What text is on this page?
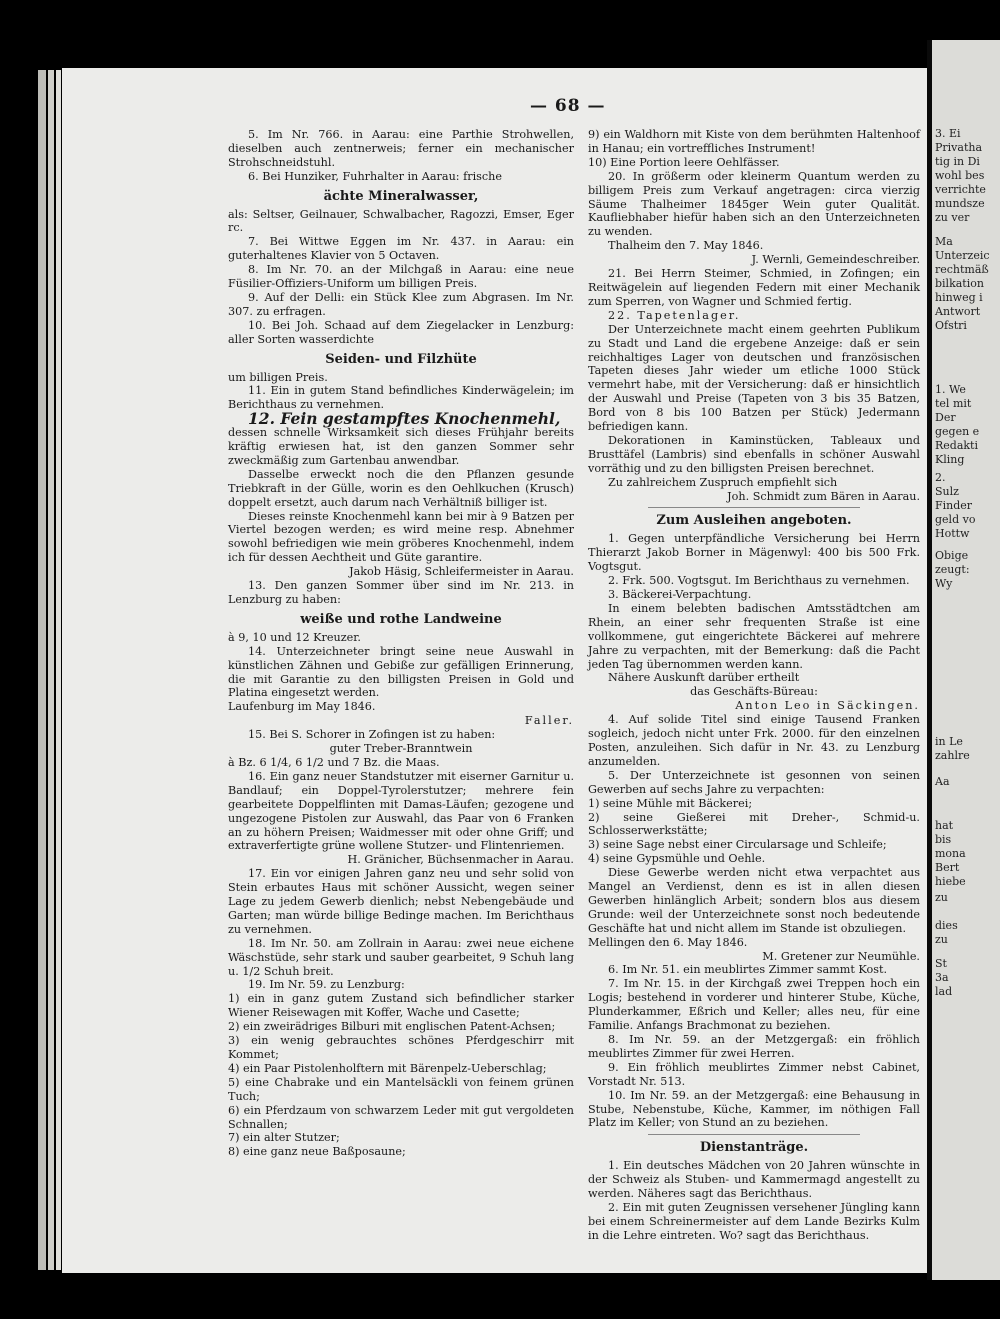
3. Ei
Privatha
tig in Di
wohl bes
verrichte
mundsze
zu ver
Ma
Unterzeic
rechtmäß
bilkation
hinweg i
Antwort
Ofstri
1. We
tel mit
Der
gegen e
Redakti
Kling
2.
Sulz
Finder
geld vo
Hottw
Obige
zeugt:
Wy
in Le
zahlre
Aa
hat
bis
mona
Bert
hiebe
zu
dies
zu
St
3a
lad
— 68 —

5. Im Nr. 766. in Aarau: eine Parthie Strohwellen, dieselben auch zentnerweis; ferner ein mechanischer Strohschneidstuhl.

6. Bei Hunziker, Fuhrhalter in Aarau: frische

ächte Mineralwasser,

als: Seltser, Geilnauer, Schwalbacher, Ragozzi, Emser, Eger rc.

7. Bei Wittwe Eggen im Nr. 437. in Aarau: ein guterhaltenes Klavier von 5 Octaven.

8. Im Nr. 70. an der Milchgaß in Aarau: eine neue Füsilier-Offiziers-Uniform um billigen Preis.

9. Auf der Delli: ein Stück Klee zum Abgrasen. Im Nr. 307. zu erfragen.

10. Bei Joh. Schaad auf dem Ziegelacker in Lenzburg: aller Sorten wasserdichte

Seiden- und Filzhüte

um billigen Preis.

11. Ein in gutem Stand befindliches Kinderwägelein; im Berichthaus zu vernehmen.

12. Fein gestampftes Knochenmehl,

dessen schnelle Wirksamkeit sich dieses Frühjahr bereits kräftig erwiesen hat, ist den ganzen Sommer sehr zweckmäßig zum Gartenbau anwendbar.

Dasselbe erweckt noch die den Pflanzen gesunde Triebkraft in der Gülle, worin es den Oehlkuchen (Krusch) doppelt ersetzt, auch darum nach Verhältniß billiger ist.

Dieses reinste Knochenmehl kann bei mir à 9 Batzen per Viertel bezogen werden; es wird meine resp. Abnehmer sowohl befriedigen wie mein gröberes Knochenmehl, indem ich für dessen Aechtheit und Güte garantire.

Jakob Häsig, Schleifermeister in Aarau.

13. Den ganzen Sommer über sind im Nr. 213. in Lenzburg zu haben:

weiße und rothe Landweine

à 9, 10 und 12 Kreuzer.

14. Unterzeichneter bringt seine neue Auswahl in künstlichen Zähnen und Gebiße zur gefälligen Erinnerung, die mit Garantie zu den billigsten Preisen in Gold und Platina eingesetzt werden.

Laufenburg im May 1846.

Faller.

15. Bei S. Schorer in Zofingen ist zu haben:

guter Treber-Branntwein

à Bz. 6 1/4, 6 1/2 und 7 Bz. die Maas.

16. Ein ganz neuer Standstutzer mit eiserner Garnitur u. Bandlauf; ein Doppel-Tyrolerstutzer; mehrere fein gearbeitete Doppelflinten mit Damas-Läufen; gezogene und ungezogene Pistolen zur Auswahl, das Paar von 6 Franken an zu höhern Preisen; Waidmesser mit oder ohne Griff; und extraverfertigte grüne wollene Stutzer- und Flintenriemen.

H. Gränicher, Büchsenmacher in Aarau.

17. Ein vor einigen Jahren ganz neu und sehr solid von Stein erbautes Haus mit schöner Aussicht, wegen seiner Lage zu jedem Gewerb dienlich; nebst Nebengebäude und Garten; man würde billige Bedinge machen. Im Berichthaus zu vernehmen.

18. Im Nr. 50. am Zollrain in Aarau: zwei neue eichene Wäschstüde, sehr stark und sauber gearbeitet, 9 Schuh lang u. 1/2 Schuh breit.

19. Im Nr. 59. zu Lenzburg:

1) ein in ganz gutem Zustand sich befindlicher starker Wiener Reisewagen mit Koffer, Wache und Casette;

2) ein zweirädriges Bilburi mit englischen Patent-Achsen;

3) ein wenig gebrauchtes schönes Pferdgeschirr mit Kommet;

4) ein Paar Pistolenholftern mit Bärenpelz-Ueberschlag;

5) eine Chabrake und ein Mantelsäckli von feinem grünen Tuch;

6) ein Pferdzaum von schwarzem Leder mit gut vergoldeten Schnallen;

7) ein alter Stutzer;

8) eine ganz neue Baßposaune;

9) ein Waldhorn mit Kiste von dem berühmten Haltenhoof in Hanau; ein vortreffliches Instrument!

10) Eine Portion leere Oehlfässer.

20. In größerm oder kleinerm Quantum werden zu billigem Preis zum Verkauf angetragen: circa vierzig Säume Thalheimer 1845ger Wein guter Qualität. Kaufliebhaber hiefür haben sich an den Unterzeichneten zu wenden.

Thalheim den 7. May 1846.

J. Wernli, Gemeindeschreiber.

21. Bei Herrn Steimer, Schmied, in Zofingen; ein Reitwägelein auf liegenden Federn mit einer Mechanik zum Sperren, von Wagner und Schmied fertig.

22. Tapetenlager.

Der Unterzeichnete macht einem geehrten Publikum zu Stadt und Land die ergebene Anzeige: daß er sein reichhaltiges Lager von deutschen und französischen Tapeten dieses Jahr wieder um etliche 1000 Stück vermehrt habe, mit der Versicherung: daß er hinsichtlich der Auswahl und Preise (Tapeten von 3 bis 35 Batzen, Bord von 8 bis 100 Batzen per Stück) Jedermann befriedigen kann.

Dekorationen in Kaminstücken, Tableaux und Brusttäfel (Lambris) sind ebenfalls in schöner Auswahl vorräthig und zu den billigsten Preisen berechnet.

Zu zahlreichem Zuspruch empfiehlt sich

Joh. Schmidt zum Bären in Aarau.

Zum Ausleihen angeboten.

1. Gegen unterpfändliche Versicherung bei Herrn Thierarzt Jakob Borner in Mägenwyl: 400 bis 500 Frk. Vogtsgut.

2. Frk. 500. Vogtsgut. Im Berichthaus zu vernehmen.

3. Bäckerei-Verpachtung.

In einem belebten badischen Amtsstädtchen am Rhein, an einer sehr frequenten Straße ist eine vollkommene, gut eingerichtete Bäckerei auf mehrere Jahre zu verpachten, mit der Bemerkung: daß die Pacht jeden Tag übernommen werden kann.

Nähere Auskunft darüber ertheilt

das Geschäfts-Büreau:

Anton Leo in Säckingen.

4. Auf solide Titel sind einige Tausend Franken sogleich, jedoch nicht unter Frk. 2000. für den einzelnen Posten, anzuleihen. Sich dafür in Nr. 43. zu Lenzburg anzumelden.

5. Der Unterzeichnete ist gesonnen von seinen Gewerben auf sechs Jahre zu verpachten:

1) seine Mühle mit Bäckerei;

2) seine Gießerei mit Dreher-, Schmid-u. Schlosserwerkstätte;

3) seine Sage nebst einer Circularsage und Schleife;

4) seine Gypsmühle und Oehle.

Diese Gewerbe werden nicht etwa verpachtet aus Mangel an Verdienst, denn es ist in allen diesen Gewerben hinlänglich Arbeit; sondern blos aus diesem Grunde: weil der Unterzeichnete sonst noch bedeutende Geschäfte hat und nicht allem im Stande ist obzuliegen.

Mellingen den 6. May 1846.

M. Gretener zur Neumühle.

6. Im Nr. 51. ein meublirtes Zimmer sammt Kost.

7. Im Nr. 15. in der Kirchgaß zwei Treppen hoch ein Logis; bestehend in vorderer und hinterer Stube, Küche, Plunderkammer, Eßrich und Keller; alles neu, für eine Familie. Anfangs Brachmonat zu beziehen.

8. Im Nr. 59. an der Metzgergaß: ein fröhlich meublirtes Zimmer für zwei Herren.

9. Ein fröhlich meublirtes Zimmer nebst Cabinet, Vorstadt Nr. 513.

10. Im Nr. 59. an der Metzgergaß: eine Behausung in Stube, Nebenstube, Küche, Kammer, im nöthigen Fall Platz im Keller; von Stund an zu beziehen.

Dienstanträge.

1. Ein deutsches Mädchen von 20 Jahren wünschte in der Schweiz als Stuben- und Kammermagd angestellt zu werden. Näheres sagt das Berichthaus.

2. Ein mit guten Zeugnissen versehener Jüngling kann bei einem Schreinermeister auf dem Lande Bezirks Kulm in die Lehre eintreten. Wo? sagt das Berichthaus.
